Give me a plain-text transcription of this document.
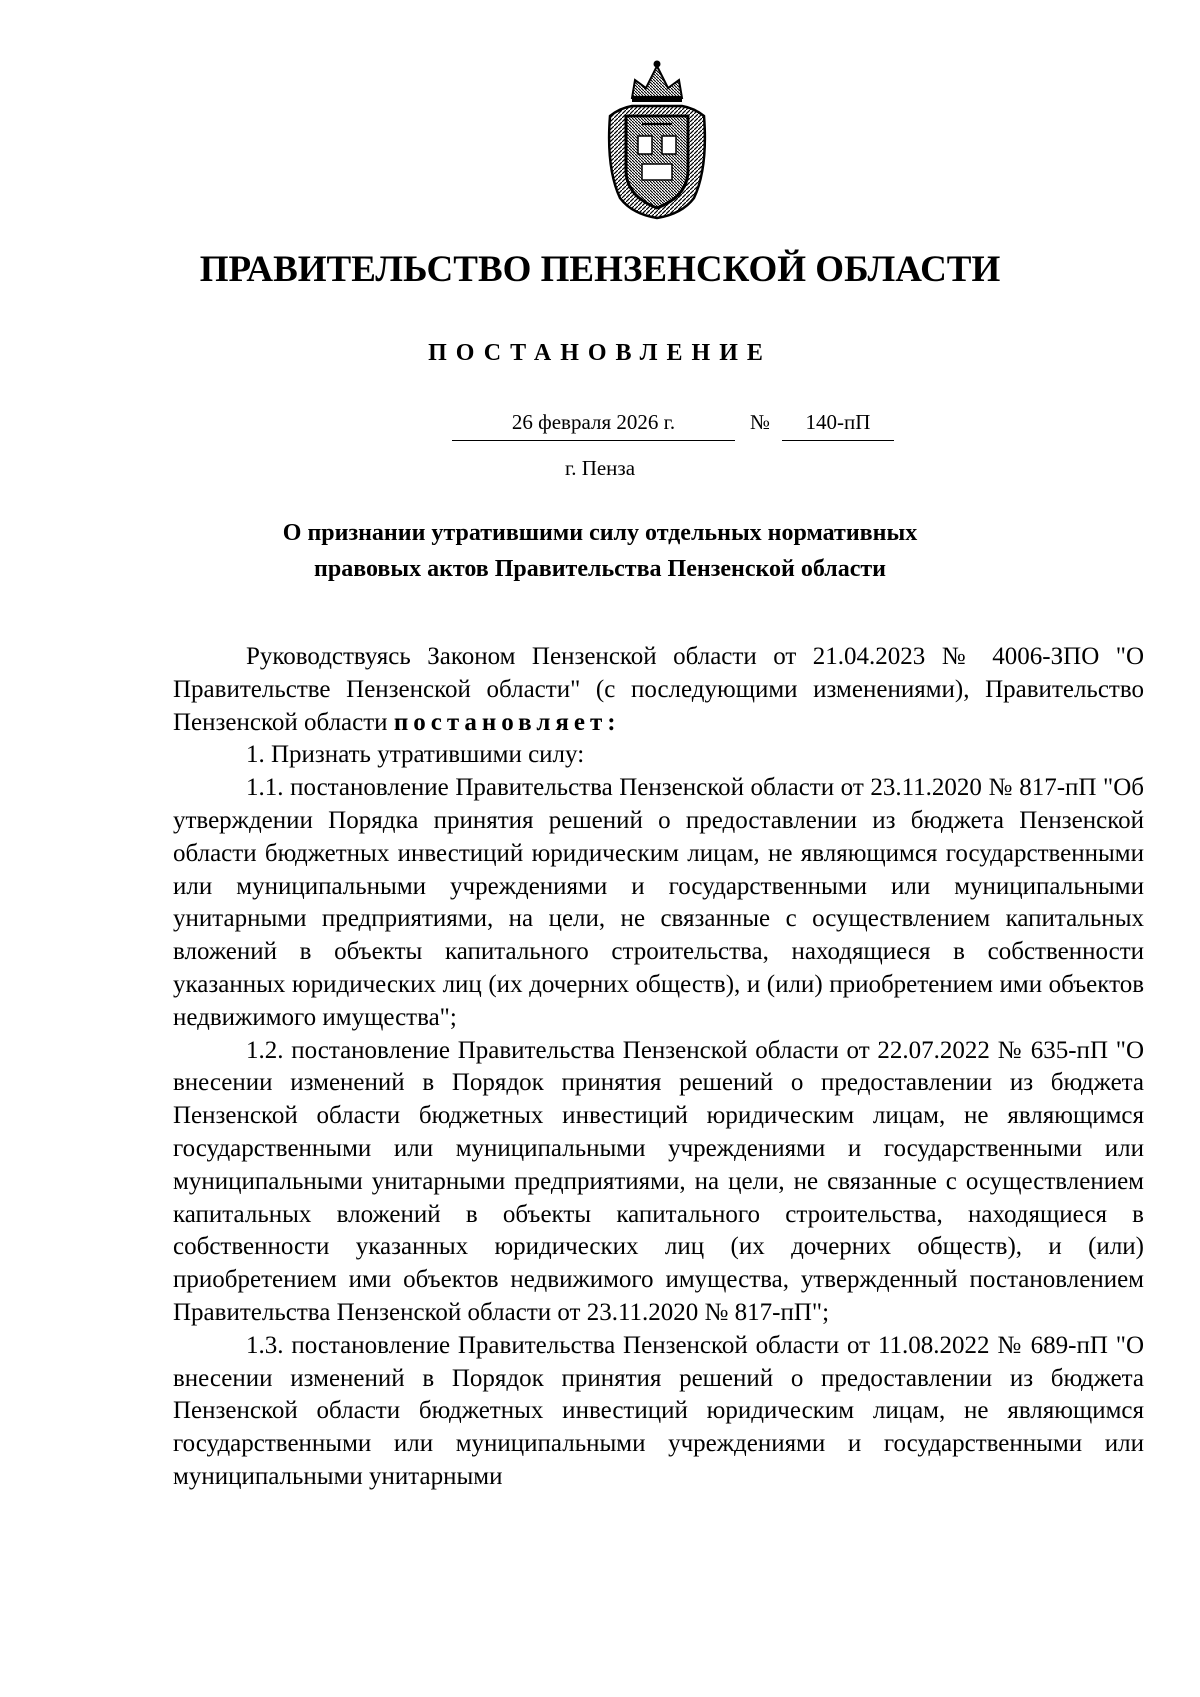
ПРАВИТЕЛЬСТВО ПЕНЗЕНСКОЙ ОБЛАСТИ
ПОСТАНОВЛЕНИЕ
26 февраля 2026 г.	№	140-пП
г. Пенза
О признании утратившими силу отдельных нормативных
правовых актов Правительства Пензенской области

Руководствуясь Законом Пензенской области от 21.04.2023 № 4006-ЗПО "О Правительстве Пензенской области" (с последующими изменениями), Правительство Пензенской области постановляет:

1. Признать утратившими силу:

1.1. постановление Правительства Пензенской области от 23.11.2020 № 817-пП "Об утверждении Порядка принятия решений о предоставлении из бюджета Пензенской области бюджетных инвестиций юридическим лицам, не являющимся государственными или муниципальными учреждениями и государственными или муниципальными унитарными предприятиями, на цели, не связанные с осуществлением капитальных вложений в объекты капитального строительства, находящиеся в собственности указанных юридических лиц (их дочерних обществ), и (или) приобретением ими объектов недвижимого имущества";

1.2. постановление Правительства Пензенской области от 22.07.2022 № 635-пП "О внесении изменений в Порядок принятия решений о предоставлении из бюджета Пензенской области бюджетных инвестиций юридическим лицам, не являющимся государственными или муниципальными учреждениями и государственными или муниципальными унитарными предприятиями, на цели, не связанные с осуществлением капитальных вложений в объекты капитального строительства, находящиеся в собственности указанных юридических лиц (их дочерних обществ), и (или) приобретением ими объектов недвижимого имущества, утвержденный постановлением Правительства Пензенской области от 23.11.2020 № 817-пП";

1.3. постановление Правительства Пензенской области от 11.08.2022 № 689-пП "О внесении изменений в Порядок принятия решений о предоставлении из бюджета Пензенской области бюджетных инвестиций юридическим лицам, не являющимся государственными или муниципальными учреждениями и государственными или муниципальными унитарными
